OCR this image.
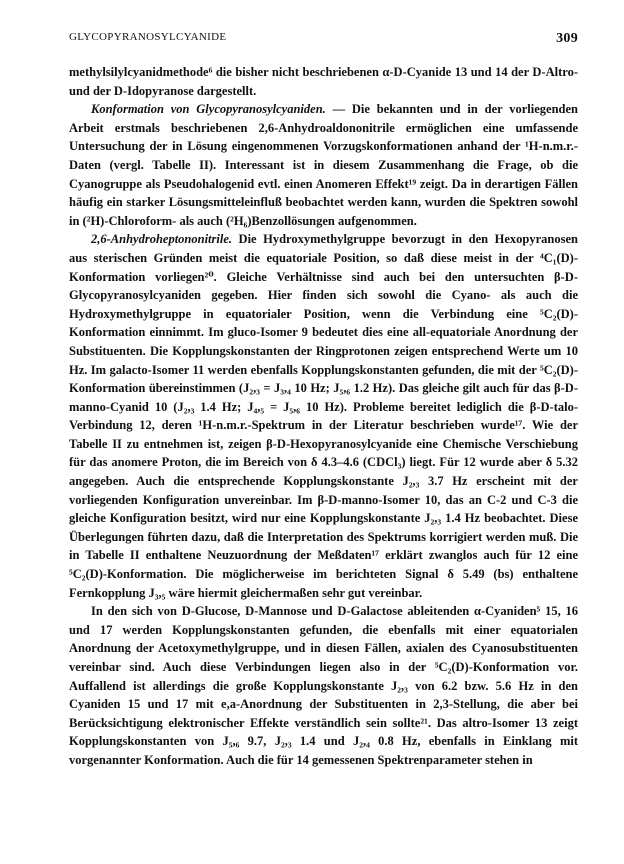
GLYCOPYRANOSYLCYANIDE	309

methylsilylcyanidmethode⁶ die bisher nicht beschriebenen α-D-Cyanide 13 und 14 der D-Altro- und der D-Idopyranose dargestellt.

Konformation von Glycopyranosylcyaniden. — Die bekannten und in der vorliegenden Arbeit erstmals beschriebenen 2,6-Anhydroaldononitrile ermöglichen eine umfassende Untersuchung der in Lösung eingenommenen Vorzugskonformationen anhand der ¹H-n.m.r.-Daten (vergl. Tabelle II). Interessant ist in diesem Zusammenhang die Frage, ob die Cyanogruppe als Pseudohalogenid evtl. einen Anomeren Effekt¹⁹ zeigt. Da in derartigen Fällen häufig ein starker Lösungsmitteleinfluß beobachtet werden kann, wurden die Spektren sowohl in (²H)-Chloroform- als auch (²H₆)Benzollösungen aufgenommen.

2,6-Anhydroheptononitrile. Die Hydroxymethylgruppe bevorzugt in den Hexopyranosen aus sterischen Gründen meist die equatoriale Position, so daß diese meist in der ⁴C₁(D)-Konformation vorliegen²⁰. Gleiche Verhältnisse sind auch bei den untersuchten β-D-Glycopyranosylcyaniden gegeben. Hier finden sich sowohl die Cyano- als auch die Hydroxymethylgruppe in equatorialer Position, wenn die Verbindung eine ⁵C₂(D)-Konformation einnimmt. Im gluco-Isomer 9 bedeutet dies eine all-equatoriale Anordnung der Substituenten. Die Kopplungskonstanten der Ringprotonen zeigen entsprechend Werte um 10 Hz. Im galacto-Isomer 11 werden ebenfalls Kopplungskonstanten gefunden, die mit der ⁵C₂(D)-Konformation übereinstimmen (J₂,₃ = J₃,₄ 10 Hz; J₅,₆ 1.2 Hz). Das gleiche gilt auch für das β-D-manno-Cyanid 10 (J₂,₃ 1.4 Hz; J₄,₅ = J₅,₆ 10 Hz). Probleme bereitet lediglich die β-D-talo-Verbindung 12, deren ¹H-n.m.r.-Spektrum in der Literatur beschrieben wurde¹⁷. Wie der Tabelle II zu entnehmen ist, zeigen β-D-Hexopyranosylcyanide eine Chemische Verschiebung für das anomere Proton, die im Bereich von δ 4.3–4.6 (CDCl₃) liegt. Für 12 wurde aber δ 5.32 angegeben. Auch die entsprechende Kopplungskonstante J₂,₃ 3.7 Hz erscheint mit der vorliegenden Konfiguration unvereinbar. Im β-D-manno-Isomer 10, das an C-2 und C-3 die gleiche Konfiguration besitzt, wird nur eine Kopplungskonstante J₂,₃ 1.4 Hz beobachtet. Diese Überlegungen führten dazu, daß die Interpretation des Spektrums korrigiert werden muß. Die in Tabelle II enthaltene Neuzuordnung der Meßdaten¹⁷ erklärt zwanglos auch für 12 eine ⁵C₂(D)-Konformation. Die möglicherweise im berichteten Signal δ 5.49 (bs) enthaltene Fernkopplung J₃,₅ wäre hiermit gleichermaßen sehr gut vereinbar.

In den sich von D-Glucose, D-Mannose und D-Galactose ableitenden α-Cyaniden⁵ 15, 16 und 17 werden Kopplungskonstanten gefunden, die ebenfalls mit einer equatorialen Anordnung der Acetoxymethylgruppe, und in diesen Fällen, axialen des Cyanosubstituenten vereinbar sind. Auch diese Verbindungen liegen also in der ⁵C₂(D)-Konformation vor. Auffallend ist allerdings die große Kopplungskonstante J₂,₃ von 6.2 bzw. 5.6 Hz in den Cyaniden 15 und 17 mit e,a-Anordnung der Substituenten in 2,3-Stellung, die aber bei Berücksichtigung elektronischer Effekte verständlich sein sollte²¹. Das altro-Isomer 13 zeigt Kopplungskonstanten von J₅,₆ 9.7, J₂,₃ 1.4 und J₂,₄ 0.8 Hz, ebenfalls in Einklang mit vorgenannter Konformation. Auch die für 14 gemessenen Spektrenparameter stehen in
